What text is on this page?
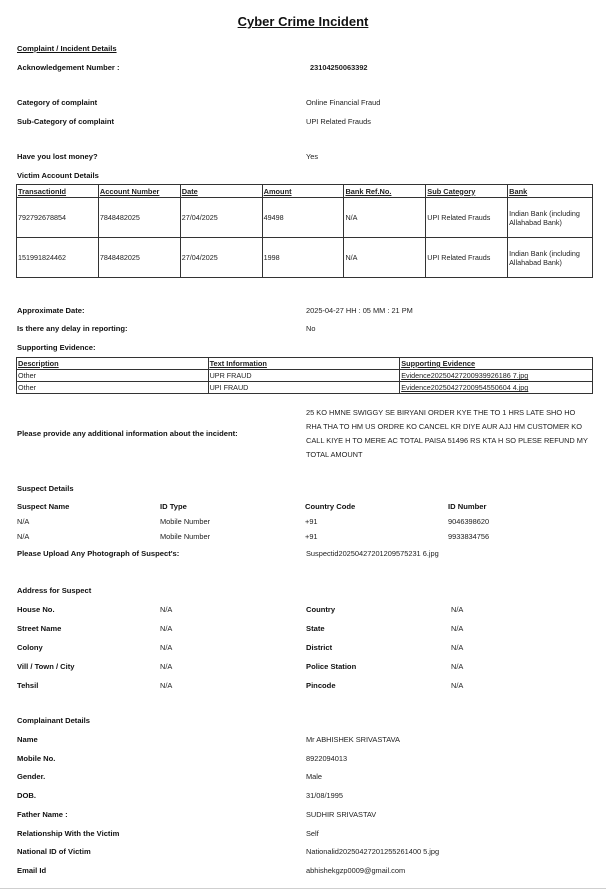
Cyber Crime Incident
Complaint / Incident Details
Acknowledgement Number :	23104250063392
Category of complaint	Online Financial Fraud
Sub-Category of complaint	UPI Related Frauds
Have you lost money?	Yes
Victim Account Details
TransactionId	Account Number	Date	Amount	Bank Ref.No.	Sub Category	Bank
792792678854	7848482025	27/04/2025	49498	N/A	UPI Related Frauds	Indian Bank (including Allahabad Bank)
151991824462	7848482025	27/04/2025	1998	N/A	UPI Related Frauds	Indian Bank (including Allahabad Bank)
Approximate Date:	2025-04-27 HH : 05 MM : 21 PM
Is there any delay in reporting:	No
Supporting Evidence:
Description	Text Information	Supporting Evidence
Other	UPR FRAUD	Evidence20250427200939926186 7.jpg
Other	UPI FRAUD	Evidence20250427200954550604 4.jpg
Please provide any additional information about the incident:
25 KO HMNE SWIGGY SE BIRYANI ORDER KYE THE TO 1 HRS LATE SHO HO RHA THA TO HM US ORDRE KO CANCEL KR DIYE AUR AJJ HM CUSTOMER KO CALL KIYE H TO MERE AC TOTAL PAISA 51496 RS KTA H SO PLESE REFUND MY TOTAL AMOUNT
Suspect Details
Suspect Name	ID Type	Country Code	ID Number
N/A	Mobile Number	+91	9046398620
N/A	Mobile Number	+91	9933834756
Please Upload Any Photograph of Suspect's:	Suspectid20250427201209575231 6.jpg
Address for Suspect
House No.	N/A	Country	N/A
Street Name	N/A	State	N/A
Colony	N/A	District	N/A
Vill / Town / City	N/A	Police Station	N/A
Tehsil	N/A	Pincode	N/A
Complainant Details
Name	Mr ABHISHEK SRIVASTAVA
Mobile No.	8922094013
Gender.	Male
DOB.	31/08/1995
Father Name :	SUDHIR SRIVASTAV
Relationship With the Victim	Self
National ID of Victim	Nationalid20250427201255261400 5.jpg
Email Id	abhishekgzp0009@gmail.com
